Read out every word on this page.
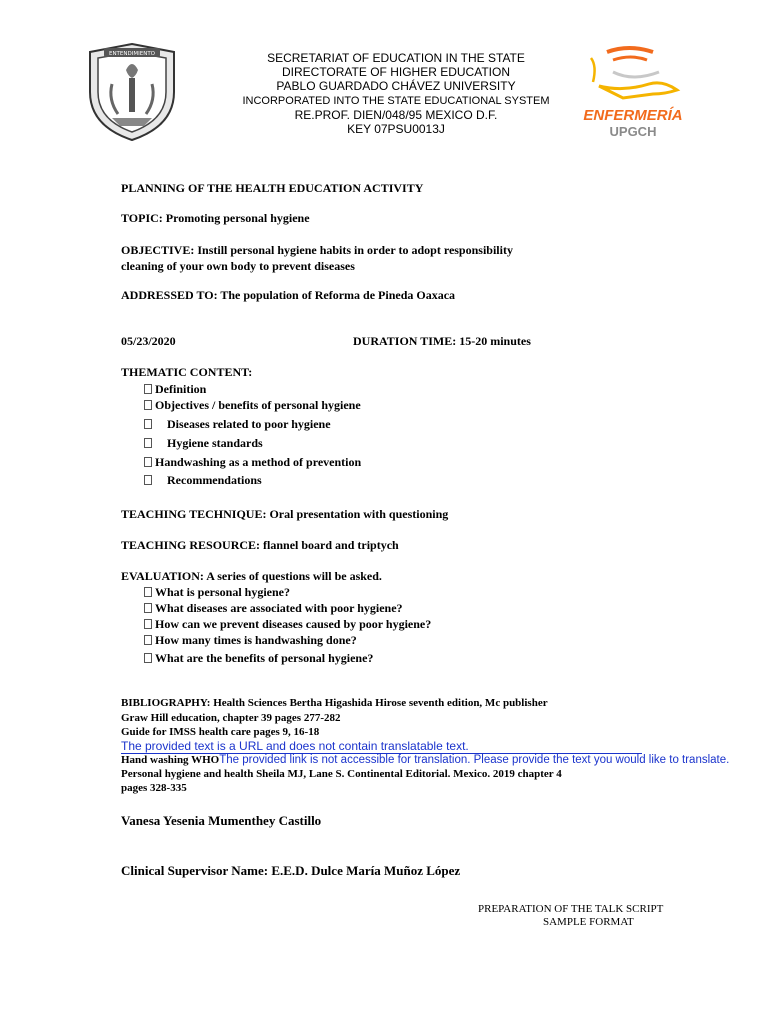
SECRETARIAT OF EDUCATION IN THE STATE
DIRECTORATE OF HIGHER EDUCATION
PABLO GUARDADO CHÁVEZ UNIVERSITY
INCORPORATED INTO THE STATE EDUCATIONAL SYSTEM
RE.PROF. DIEN/048/95 MEXICO D.F.
KEY 07PSU0013J
ENTENDIMIENTO
ENFERMERÍA
UPGCH
PLANNING OF THE HEALTH EDUCATION ACTIVITY
TOPIC: Promoting personal hygiene
OBJECTIVE: Instill personal hygiene habits in order to adopt responsibility
cleaning of your own body to prevent diseases
ADDRESSED TO: The population of Reforma de Pineda Oaxaca
05/23/2020	DURATION TIME: 15-20 minutes
THEMATIC CONTENT:
Definition
Objectives / benefits of personal hygiene
Diseases related to poor hygiene
Hygiene standards
Handwashing as a method of prevention
Recommendations
TEACHING TECHNIQUE: Oral presentation with questioning
TEACHING RESOURCE: flannel board and triptych
EVALUATION: A series of questions will be asked.
What is personal hygiene?
What diseases are associated with poor hygiene?
How can we prevent diseases caused by poor hygiene?
How many times is handwashing done?
What are the benefits of personal hygiene?
BIBLIOGRAPHY: Health Sciences Bertha Higashida Hirose seventh edition, Mc publisher
Graw Hill education, chapter 39 pages 277-282
Guide for IMSS health care pages 9, 16-18
The provided text is a URL and does not contain translatable text.
Hand washing WHOThe provided link is not accessible for translation. Please provide the text you would like to translate.
Personal hygiene and health Sheila MJ, Lane S. Continental Editorial. Mexico. 2019 chapter 4
pages 328-335
Vanesa Yesenia Mumenthey Castillo
Clinical Supervisor Name: E.E.D. Dulce María Muñoz López
PREPARATION OF THE TALK SCRIPT
SAMPLE FORMAT
